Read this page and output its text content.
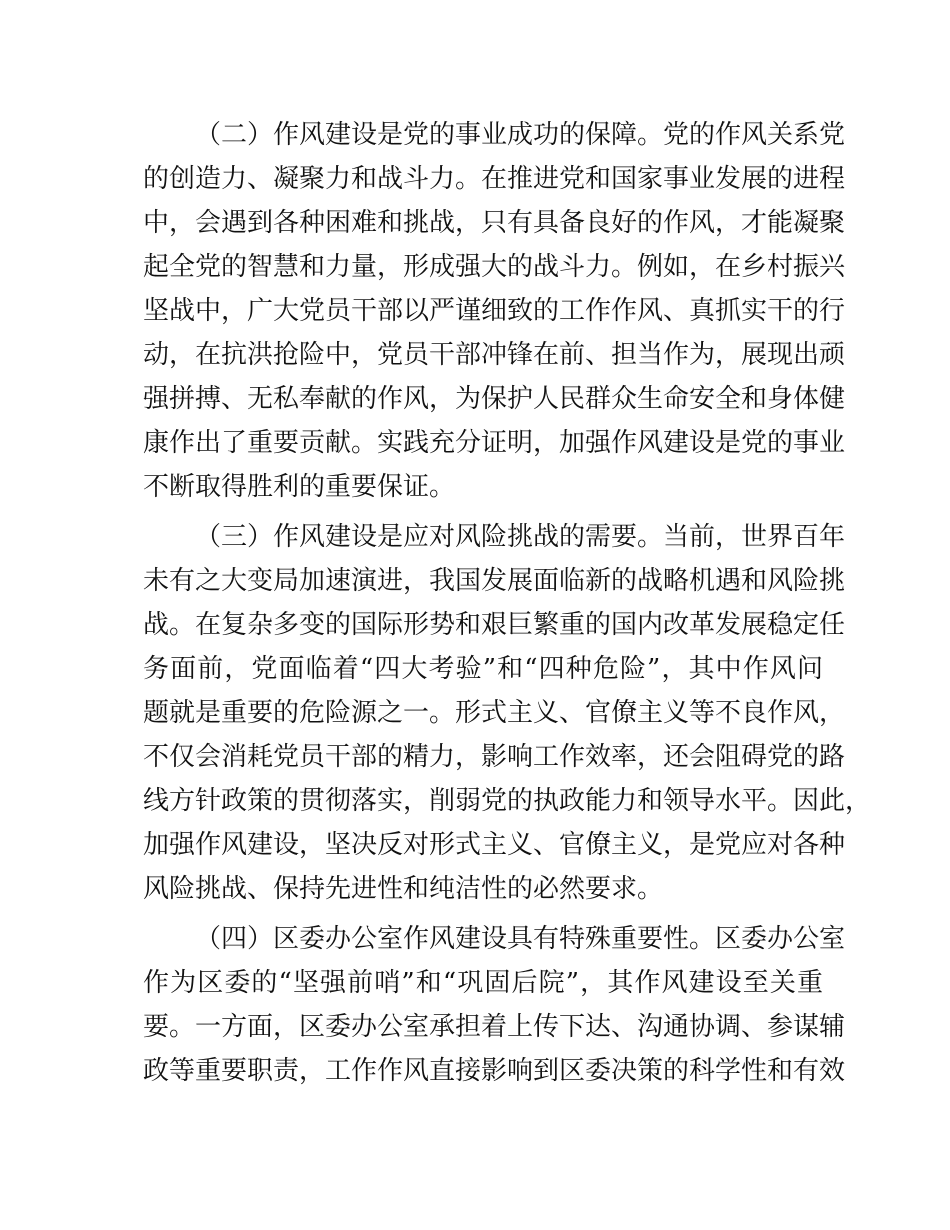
（二）作风建设是党的事业成功的保障。党的作风关系党
的创造力、凝聚力和战斗力。在推进党和国家事业发展的进程
中，会遇到各种困难和挑战，只有具备良好的作风，才能凝聚
起全党的智慧和力量，形成强大的战斗力。例如，在乡村振兴
坚战中，广大党员干部以严谨细致的工作作风、真抓实干的行
动，在抗洪抢险中，党员干部冲锋在前、担当作为，展现出顽
强拼搏、无私奉献的作风，为保护人民群众生命安全和身体健
康作出了重要贡献。实践充分证明，加强作风建设是党的事业
不断取得胜利的重要保证。
（三）作风建设是应对风险挑战的需要。当前，世界百年
未有之大变局加速演进，我国发展面临新的战略机遇和风险挑
战。在复杂多变的国际形势和艰巨繁重的国内改革发展稳定任
务面前，党面临着“四大考验”和“四种危险”，其中作风问
题就是重要的危险源之一。形式主义、官僚主义等不良作风，
不仅会消耗党员干部的精力，影响工作效率，还会阻碍党的路
线方针政策的贯彻落实，削弱党的执政能力和领导水平。因此，
加强作风建设，坚决反对形式主义、官僚主义，是党应对各种
风险挑战、保持先进性和纯洁性的必然要求。
（四）区委办公室作风建设具有特殊重要性。区委办公室
作为区委的“坚强前哨”和“巩固后院”，其作风建设至关重
要。一方面，区委办公室承担着上传下达、沟通协调、参谋辅
政等重要职责，工作作风直接影响到区委决策的科学性和有效
